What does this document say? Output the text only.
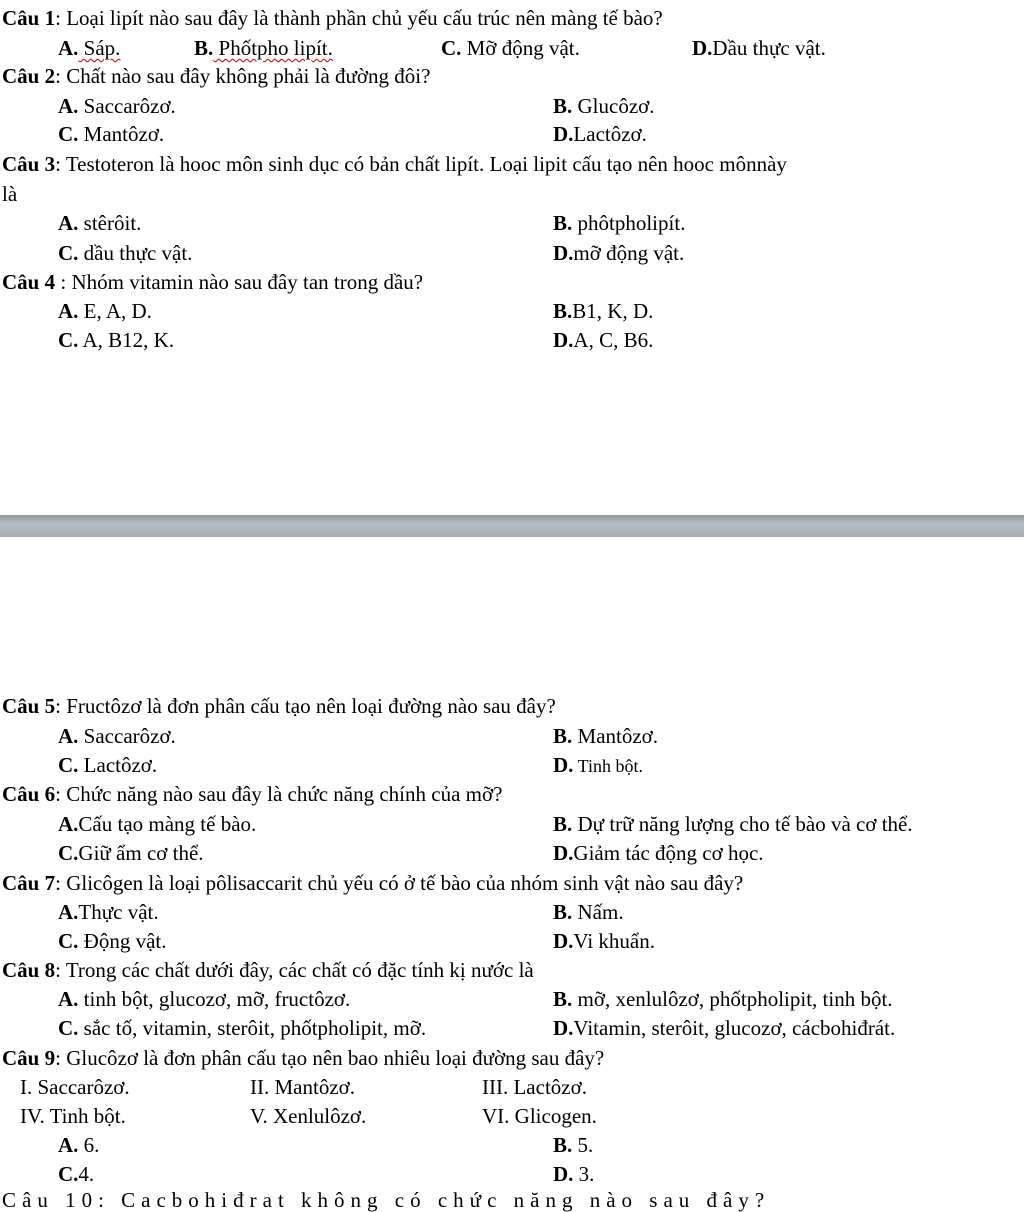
Câu 1: Loại lipít nào sau đây là thành phần chủ yếu cấu trúc nên màng tế bào?
A. Sáp.	B. Phốtpho lipít.	C. Mỡ động vật.	D.Dầu thực vật.
Câu 2: Chất nào sau đây không phải là đường đôi?
A. Saccarôzơ.	B. Glucôzơ.
C. Mantôzơ.	D.Lactôzơ.
Câu 3: Testoteron là hooc môn sinh dục có bản chất lipít. Loại lipit cấu tạo nên hooc mônnày
là
A. stêrôit.	B. phôtpholipít.
C. dầu thực vật.	D.mỡ động vật.
Câu 4 : Nhóm vitamin nào sau đây tan trong dầu?
A. E, A, D.	B.B1, K, D.
C. A, B12, K.	D.A, C, B6.
Câu 5: Fructôzơ là đơn phân cấu tạo nên loại đường nào sau đây?
A. Saccarôzơ.	B. Mantôzơ.
C. Lactôzơ.	D. Tinh bột.
Câu 6: Chức năng nào sau đây là chức năng chính của mỡ?
A.Cấu tạo màng tế bào.	B. Dự trữ năng lượng cho tế bào và cơ thể.
C.Giữ ẩm cơ thể.	D.Giảm tác động cơ học.
Câu 7: Glicôgen là loại pôlisaccarit chủ yếu có ở tế bào của nhóm sinh vật nào sau đây?
A.Thực vật.	B. Nấm.
C. Động vật.	D.Vi khuẩn.
Câu 8: Trong các chất dưới đây, các chất có đặc tính kị nước là
A. tinh bột, glucozơ, mỡ, fructôzơ.	B. mỡ, xenlulôzơ, phốtpholipit, tinh bột.
C. sắc tố, vitamin, sterôit, phốtpholipit, mỡ.	D.Vitamin, sterôit, glucozơ, cácbohiđrát.
Câu 9: Glucôzơ là đơn phân cấu tạo nên bao nhiêu loại đường sau đây?
I. Saccarôzơ.	II. Mantôzơ.	III. Lactôzơ.
IV. Tinh bột.	V. Xenlulôzơ.	VI. Glicogen.
A. 6.	B. 5.
C.4.	D. 3.
Câu 10: Cacbohiđrat không có chức năng nào sau đây?
